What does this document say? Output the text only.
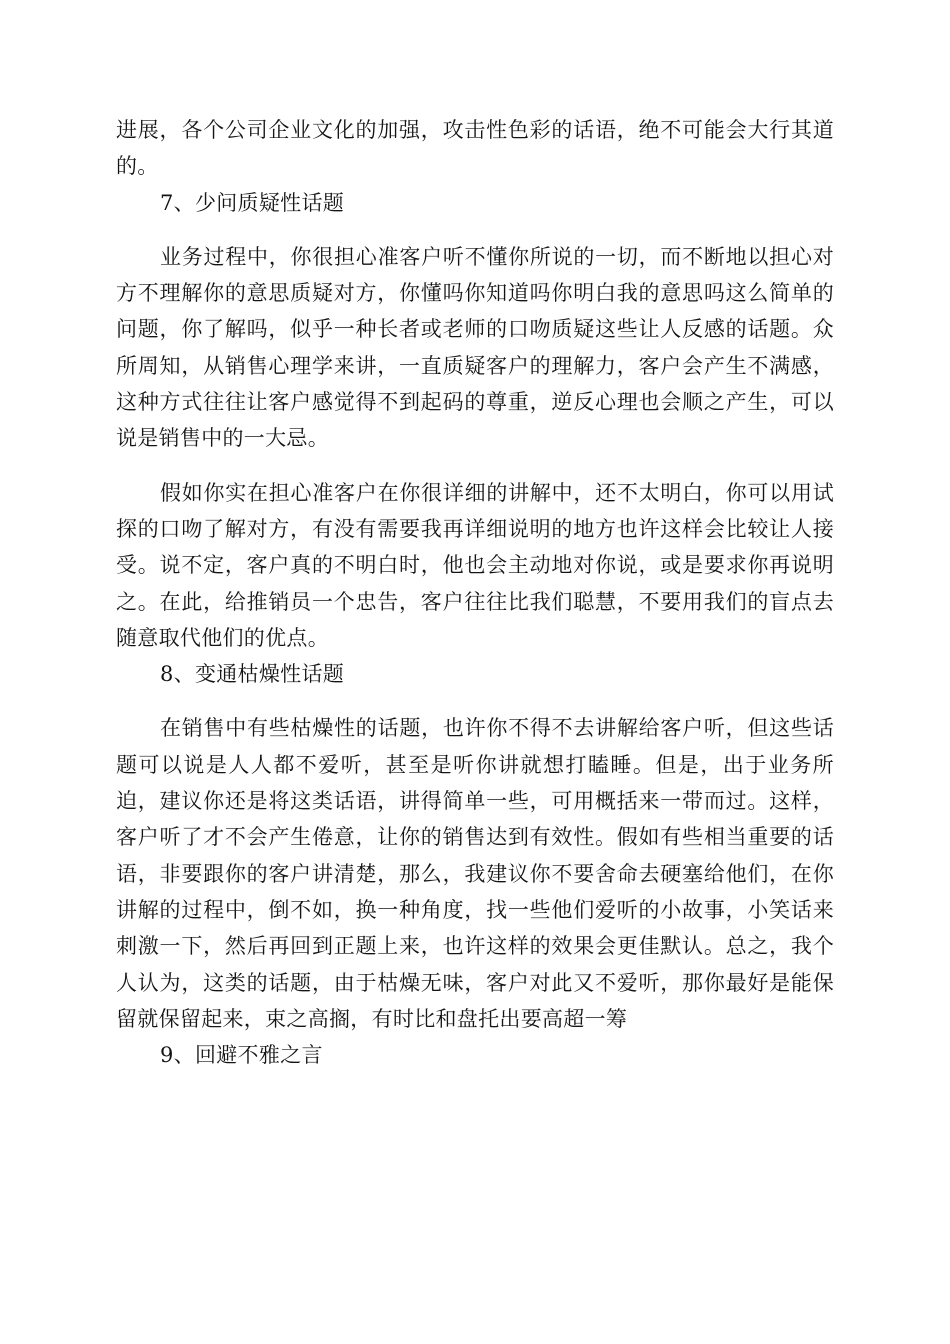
进展，各个公司企业文化的加强，攻击性色彩的话语，绝不可能会大行其道的。

7、少问质疑性话题

业务过程中，你很担心准客户听不懂你所说的一切，而不断地以担心对方不理解你的意思质疑对方，你懂吗你知道吗你明白我的意思吗这么简单的问题，你了解吗，似乎一种长者或老师的口吻质疑这些让人反感的话题。众所周知，从销售心理学来讲，一直质疑客户的理解力，客户会产生不满感，这种方式往往让客户感觉得不到起码的尊重，逆反心理也会顺之产生，可以说是销售中的一大忌。

假如你实在担心准客户在你很详细的讲解中，还不太明白，你可以用试探的口吻了解对方，有没有需要我再详细说明的地方也许这样会比较让人接受。说不定，客户真的不明白时，他也会主动地对你说，或是要求你再说明之。在此，给推销员一个忠告，客户往往比我们聪慧，不要用我们的盲点去随意取代他们的优点。

8、变通枯燥性话题

在销售中有些枯燥性的话题，也许你不得不去讲解给客户听，但这些话题可以说是人人都不爱听，甚至是听你讲就想打瞌睡。但是，出于业务所迫，建议你还是将这类话语，讲得简单一些，可用概括来一带而过。这样，客户听了才不会产生倦意，让你的销售达到有效性。假如有些相当重要的话语，非要跟你的客户讲清楚，那么，我建议你不要舍命去硬塞给他们，在你讲解的过程中，倒不如，换一种角度，找一些他们爱听的小故事，小笑话来刺激一下，然后再回到正题上来，也许这样的效果会更佳默认。总之，我个人认为，这类的话题，由于枯燥无味，客户对此又不爱听，那你最好是能保留就保留起来，束之高搁，有时比和盘托出要高超一筹

9、回避不雅之言
